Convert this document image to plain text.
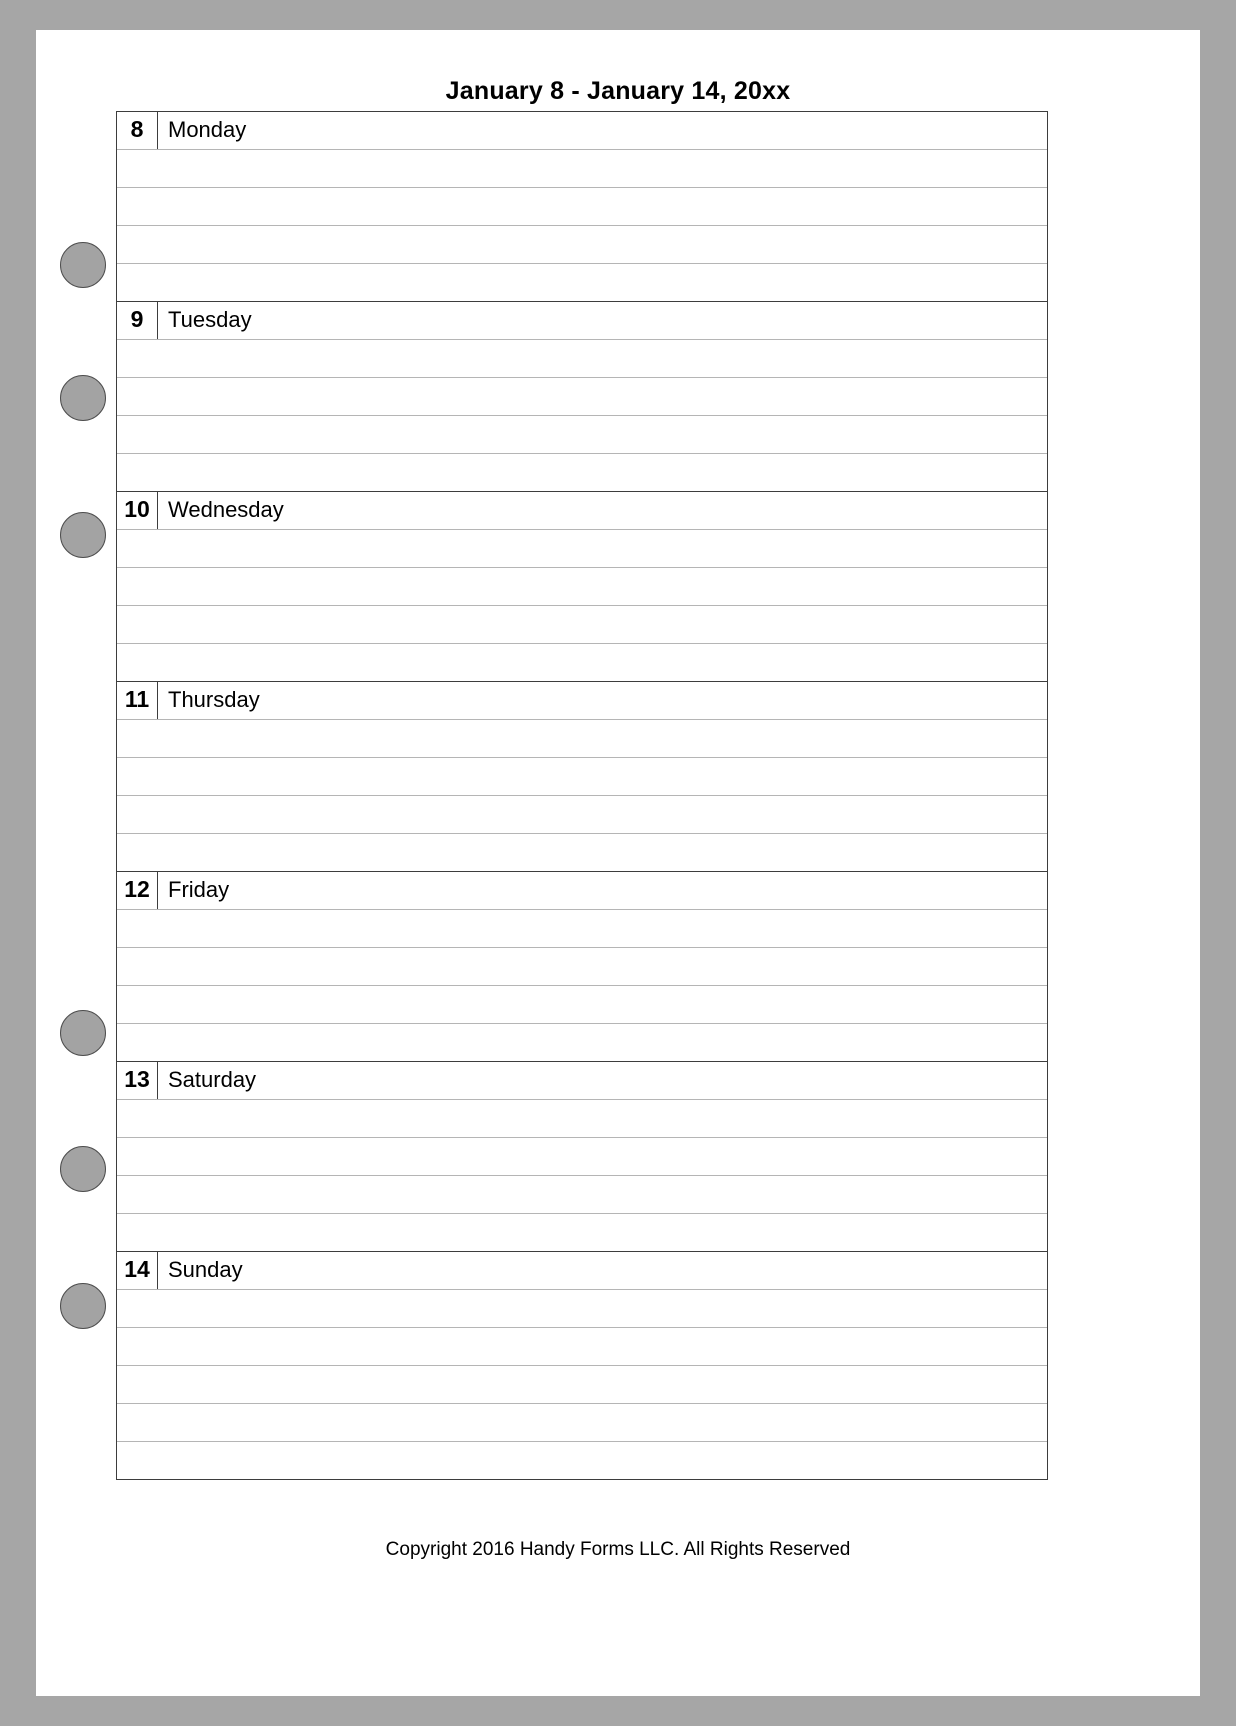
January 8 - January 14, 20xx
8	Monday
9	Tuesday
10 Wednesday
11 Thursday
12 Friday
13 Saturday
14 Sunday
Copyright 2016 Handy Forms LLC. All Rights Reserved
